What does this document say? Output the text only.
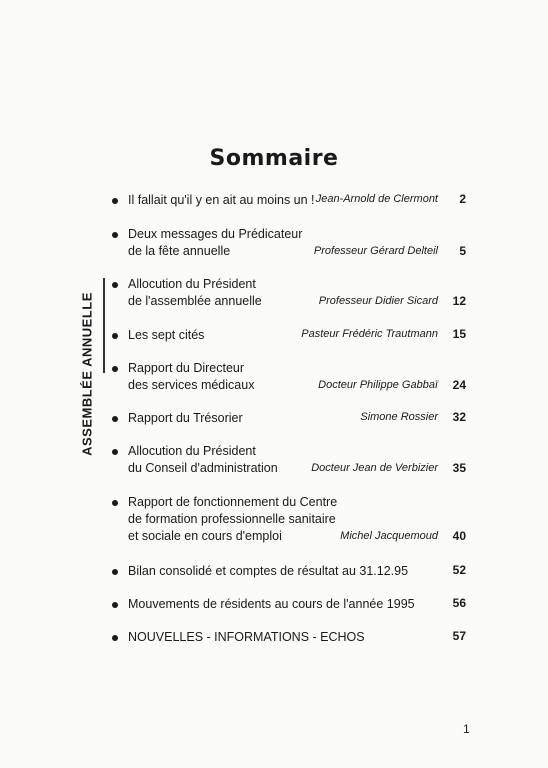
Sommaire
ASSEMBLÉE ANNUELLE
Il fallait qu'il y en ait au moins un ! Jean-Arnold de Clermont	2
Deux messages du Prédicateur
de la fête annuelle	Professeur Gérard Delteil	5
Allocution du Président
de l'assemblée annuelle	Professeur Didier Sicard	12
Les sept cités	Pasteur Frédéric Trautmann	15
Rapport du Directeur
des services médicaux	Docteur Philippe Gabbaï	24
Rapport du Trésorier	Simone Rossier	32
Allocution du Président
du Conseil d'administration	Docteur Jean de Verbizier	35
Rapport de fonctionnement du Centre
de formation professionnelle sanitaire
et sociale en cours d'emploi	Michel Jacquemoud	40
Bilan consolidé et comptes de résultat au 31.12.95	52
Mouvements de résidents au cours de l'année 1995	56
NOUVELLES - INFORMATIONS - ECHOS	57
1
